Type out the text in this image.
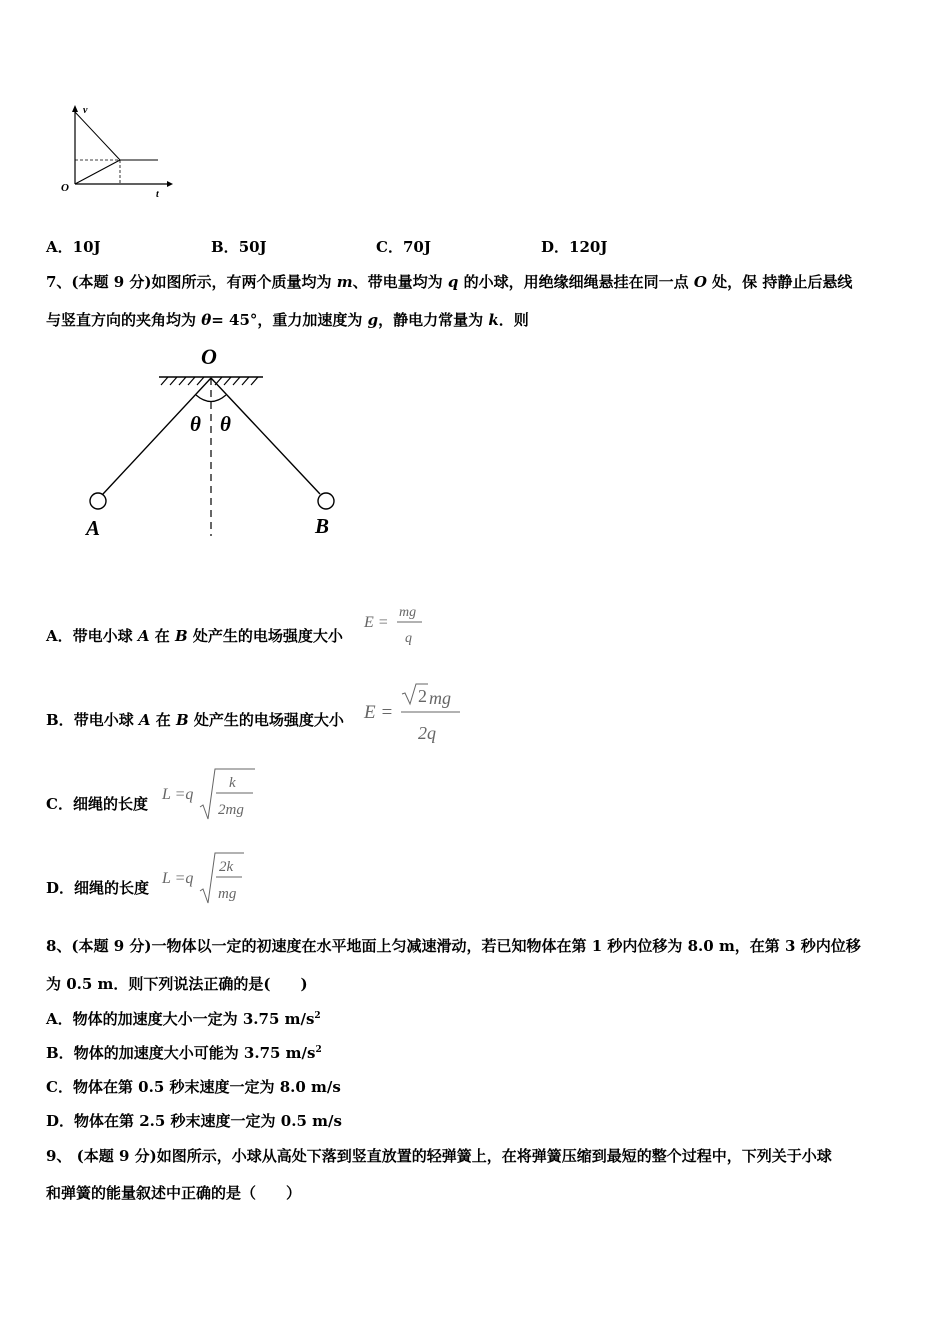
v
t
O
A．10J	B．50J	C．70J	D．120J
7、(本题 9 分)如图所示，有两个质量均为 m、带电量均为 q 的小球，用绝缘细绳悬挂在同一点 O 处，保 持静止后悬线
与竖直方向的夹角均为 θ= 45°，重力加速度为 g，静电力常量为 k．则
O
θ θ
A	B
A．带电小球 A 在 B 处产生的电场强度大小
E =
mg
q
B．带电小球 A 在 B 处产生的电场强度大小 E =
2 mg
2q
C．细绳的长度
L =q
k
2mg
D．细绳的长度
L =q
2k
mg
8、(本题 9 分)一物体以一定的初速度在水平地面上匀减速滑动，若已知物体在第 1 秒内位移为 8.0 m，在第 3 秒内位移
为 0.5 m．则下列说法正确的是(　　)
A．物体的加速度大小一定为 3.75 $m/s^2$
B．物体的加速度大小可能为 3.75 $m/s^2$
C．物体在第 0.5 秒末速度一定为 8.0 m/s
D．物体在第 2.5 秒末速度一定为 0.5 m/s
9、 (本题 9 分)如图所示，小球从高处下落到竖直放置的轻弹簧上，在将弹簧压缩到最短的整个过程中，下列关于小球
和弹簧的能量叙述中正确的是（　　）
